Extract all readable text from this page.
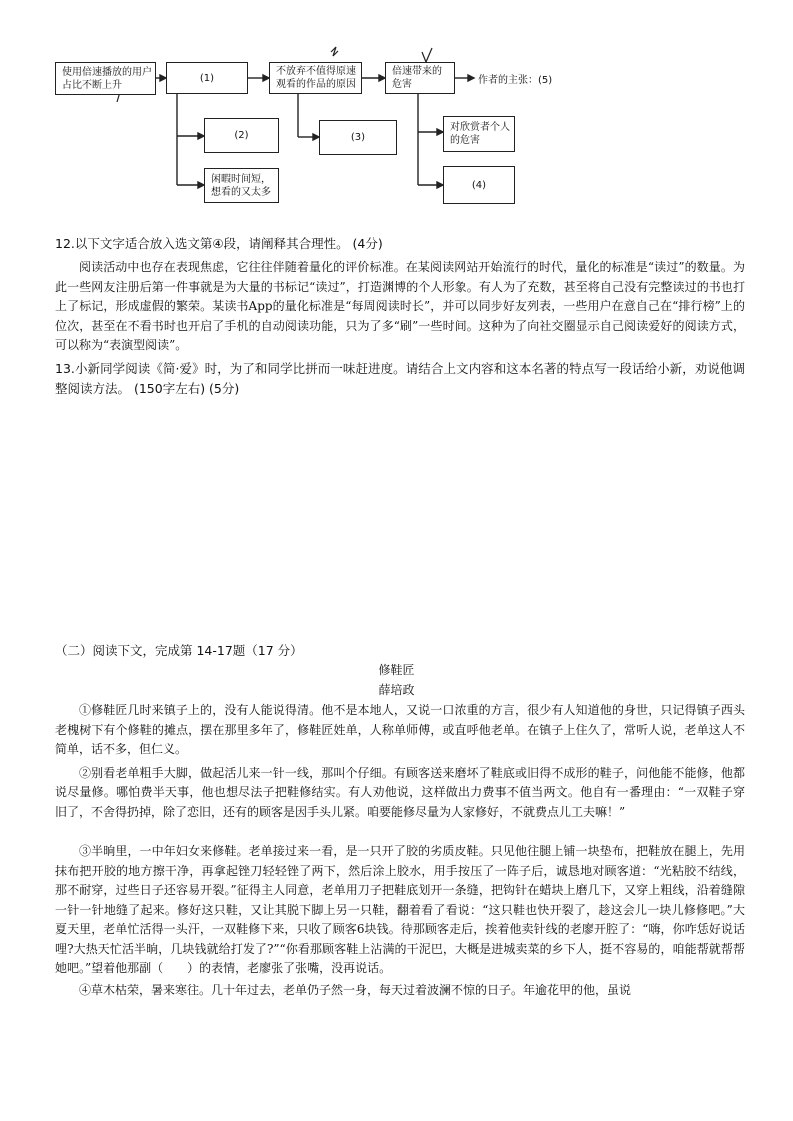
使用倍速播放的用户占比不断上升
(1)
不放弃不值得原速观看的作品的原因
倍速带来的危害	作者的主张：(5)
(2)
闲暇时间短，想看的又太多
(3)
对欣赏者个人的危害
(4)
12.以下文字适合放入选文第④段，请阐释其合理性。 (4分)

阅读活动中也存在表现焦虑，它往往伴随着量化的评价标准。在某阅读网站开始流行的时代，量化的标准是“读过”的数量。为此一些网友注册后第一件事就是为大量的书标记“读过”，打造渊博的个人形象。有人为了充数，甚至将自己没有完整读过的书也打上了标记，形成虚假的繁荣。某读书App的量化标准是“每周阅读时长”，并可以同步好友列表，一些用户在意自己在“排行榜”上的位次，甚至在不看书时也开启了手机的自动阅读功能，只为了多“刷”一些时间。这种为了向社交圈显示自己阅读爱好的阅读方式，可以称为“表演型阅读”。

13.小新同学阅读《简·爱》时，为了和同学比拼而一味赶进度。请结合上文内容和这本名著的特点写一段话给小新，劝说他调整阅读方法。 (150字左右) (5分)

（二）阅读下文，完成第 14-17题（17 分）
修鞋匠
薛培政

①修鞋匠几时来镇子上的，没有人能说得清。他不是本地人，又说一口浓重的方言，很少有人知道他的身世，只记得镇子西头老槐树下有个修鞋的摊点，摆在那里多年了，修鞋匠姓单，人称单师傅，或直呼他老单。在镇子上住久了，常听人说，老单这人不简单，话不多，但仁义。

②别看老单粗手大脚，做起活儿来一针一线，那叫个仔细。有顾客送来磨坏了鞋底或旧得不成形的鞋子，问他能不能修，他都说尽量修。哪怕费半天事，他也想尽法子把鞋修结实。有人劝他说，这样做出力费事不值当两文。他自有一番理由：“一双鞋子穿旧了，不舍得扔掉，除了恋旧，还有的顾客是因手头儿紧。咱要能修尽量为人家修好，不就费点儿工夫嘛！”

③半晌里，一中年妇女来修鞋。老单接过来一看，是一只开了胶的劣质皮鞋。只见他往腿上铺一块垫布，把鞋放在腿上，先用抹布把开胶的地方擦干净，再拿起锉刀轻轻锉了两下，然后涂上胶水，用手按压了一阵子后，诚恳地对顾客道：“光粘胶不结线，那不耐穿，过些日子还容易开裂。”征得主人同意，老单用刀子把鞋底划开一条缝，把钩针在蜡块上磨几下，又穿上粗线，沿着缝隙一针一针地缝了起来。修好这只鞋，又让其脱下脚上另一只鞋，翻着看了看说：“这只鞋也快开裂了，趁这会儿一块儿修修吧。”大夏天里，老单忙活得一头汗，一双鞋修下来，只收了顾客6块钱。待那顾客走后，挨着他卖针线的老廖开腔了：“嗨，你咋恁好说话哩?大热天忙活半晌，几块钱就给打发了?”“你看那顾客鞋上沾满的干泥巴，大概是进城卖菜的乡下人，挺不容易的，咱能帮就帮帮她吧。”望着他那副（　　）的表情，老廖张了张嘴，没再说话。

④草木枯荣，暑来寒往。几十年过去，老单仍子然一身，每天过着波澜不惊的日子。年逾花甲的他，虽说
